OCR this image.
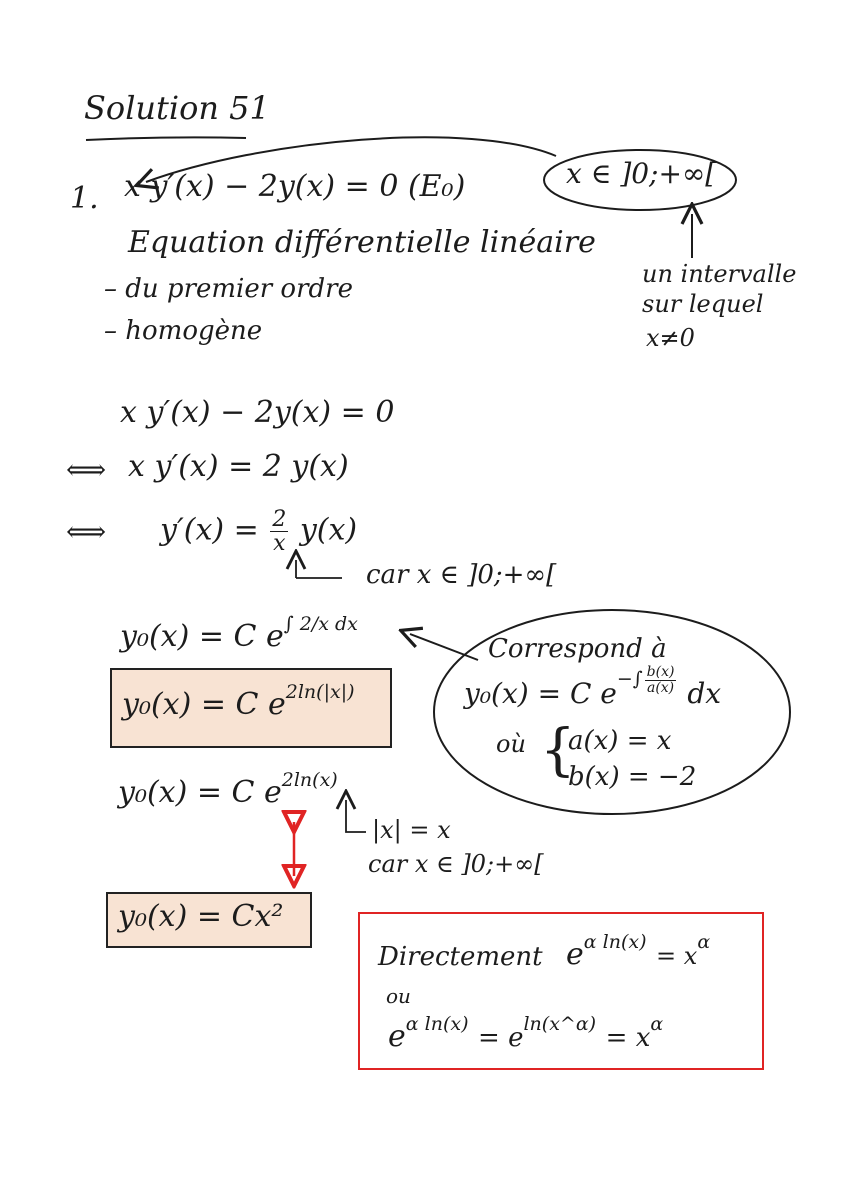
Solution 51
1. x y′(x) − 2y(x) = 0 (E₀)	x ∈ ]0;+∞[
Equation différentielle linéaire
– du premier ordre
– homogène
un intervalle
sur lequel
x≠0
x y′(x) − 2y(x) = 0
⟺ x y′(x) = 2 y(x)
⟺ $y'(x) = \frac{2}{x} y(x)$
car x ∈ ]0;+∞[
y₀(x) = C $e^{\int 2/x dx}$
y₀(x) = C $e^{2ln(|x|)}$
y₀(x) = C $e^{2ln(x)}$
|x| = x
car x ∈ ]0;+∞[
y₀(x) = Cx²
Correspond à
y₀(x) = C $e^{-\int \frac{b(x)}{a(x)}}$ dx
où {
a(x) = x
b(x) = −2
Directement $e^{\alpha ln(x)} = x^\alpha$
ou
$e^{\alpha ln(x)} = e^{ln(x\^{}\alpha)} = x^\alpha$
